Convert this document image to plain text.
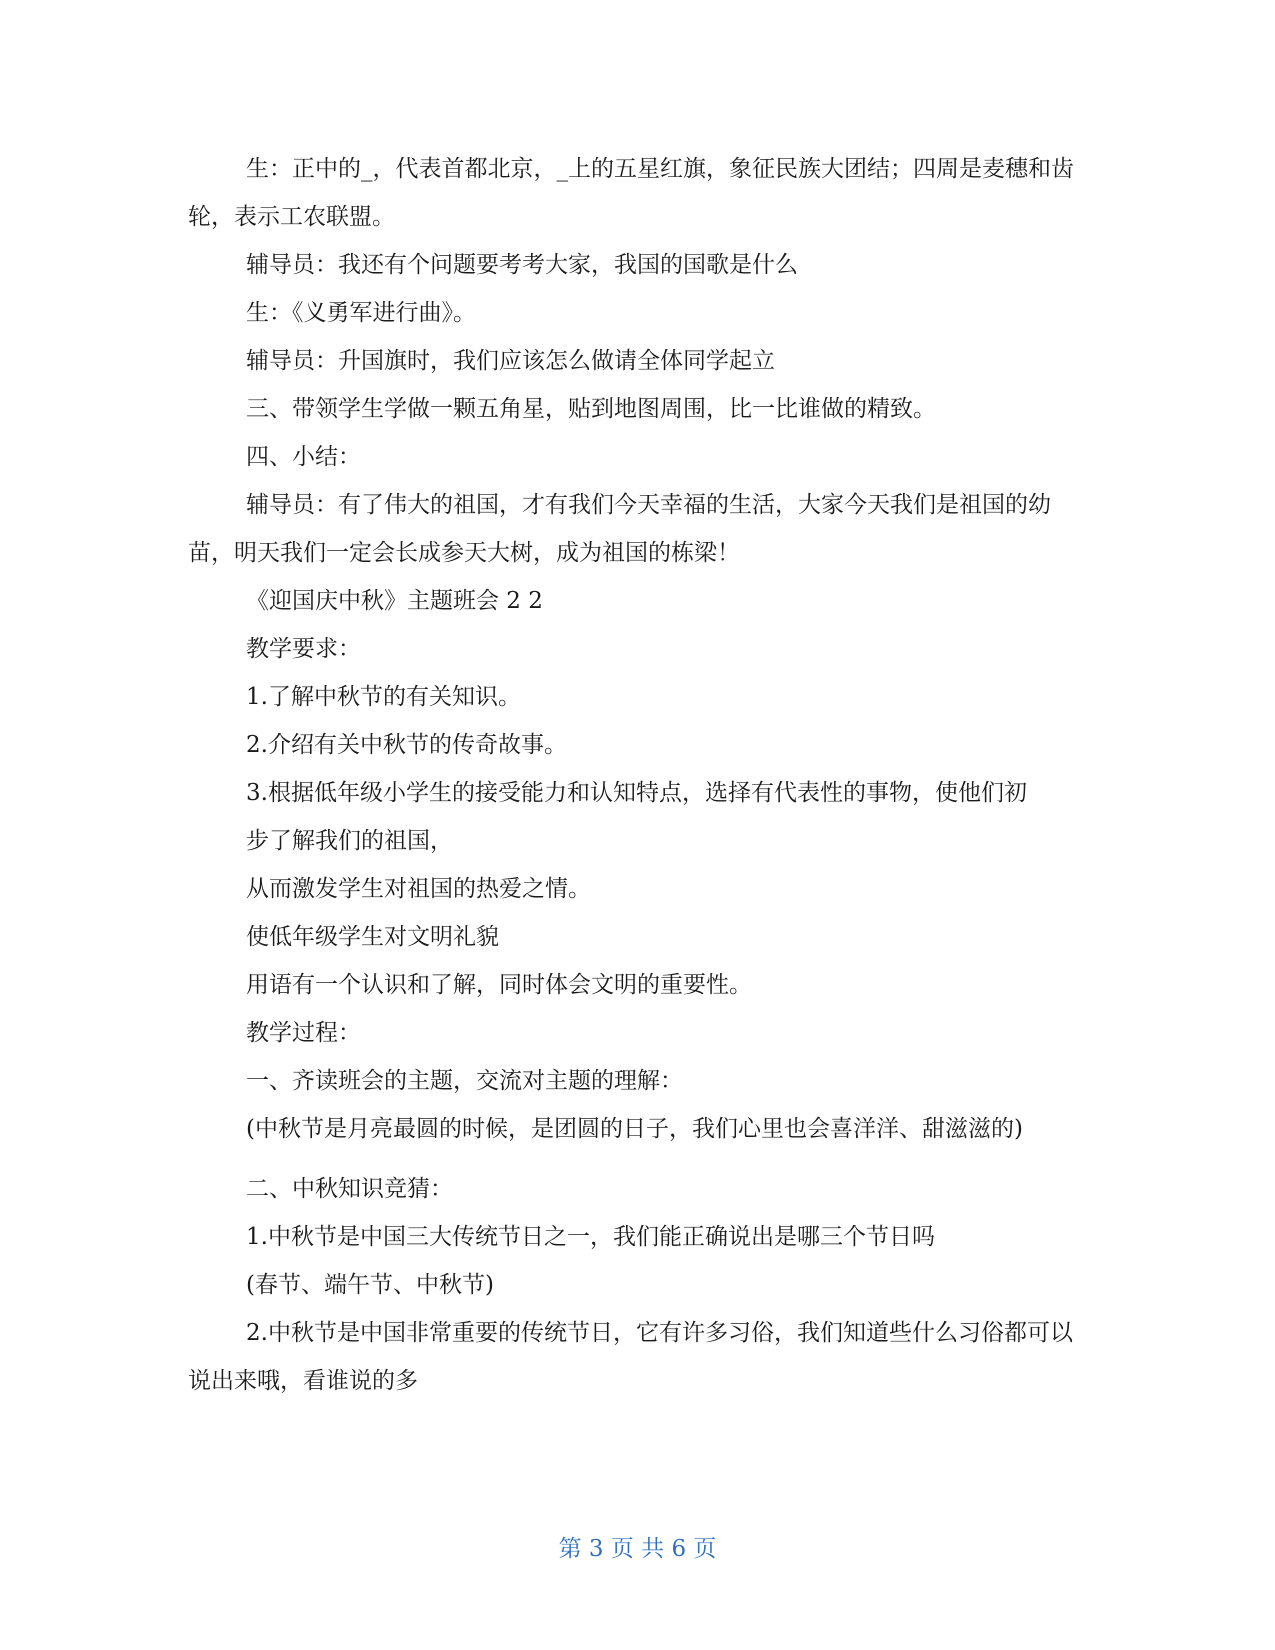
生：正中的_，代表首都北京，_上的五星红旗，象征民族大团结；四周是麦穗和齿轮，表示工农联盟。

辅导员：我还有个问题要考考大家，我国的国歌是什么

生：《义勇军进行曲》。

辅导员：升国旗时，我们应该怎么做请全体同学起立

三、带领学生学做一颗五角星，贴到地图周围，比一比谁做的精致。

四、小结：

辅导员：有了伟大的祖国，才有我们今天幸福的生活，大家今天我们是祖国的幼苗，明天我们一定会长成参天大树，成为祖国的栋梁！

《迎国庆中秋》主题班会 2 2

教学要求：

1.了解中秋节的有关知识。

2.介绍有关中秋节的传奇故事。

3.根据低年级小学生的接受能力和认知特点，选择有代表性的事物，使他们初

步了解我们的祖国，

从而激发学生对祖国的热爱之情。

使低年级学生对文明礼貌

用语有一个认识和了解，同时体会文明的重要性。

教学过程：

一、齐读班会的主题，交流对主题的理解：

(中秋节是月亮最圆的时候，是团圆的日子，我们心里也会喜洋洋、甜滋滋的)

二、中秋知识竞猜：

1.中秋节是中国三大传统节日之一，我们能正确说出是哪三个节日吗

(春节、端午节、中秋节)

2.中秋节是中国非常重要的传统节日，它有许多习俗，我们知道些什么习俗都可以说出来哦，看谁说的多

第 3 页 共 6 页
